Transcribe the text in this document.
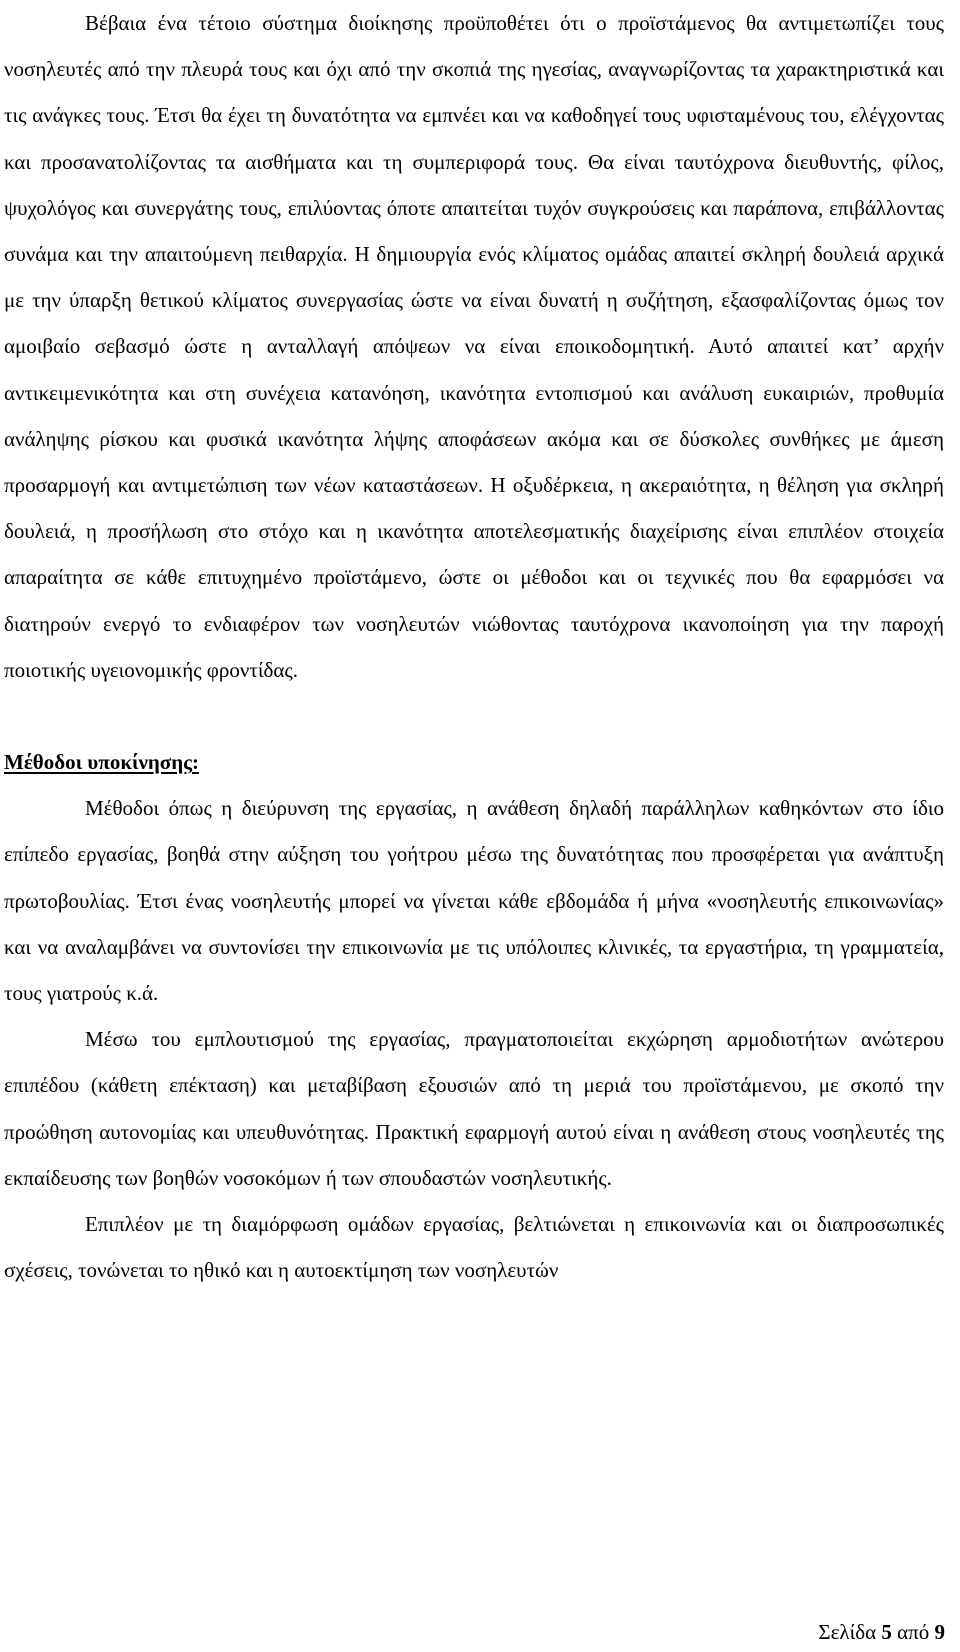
Βέβαια ένα τέτοιο σύστημα διοίκησης προϋποθέτει ότι ο προϊστάμενος θα αντιμετωπίζει τους νοσηλευτές από την πλευρά τους και όχι από την σκοπιά της ηγεσίας, αναγνωρίζοντας τα χαρακτηριστικά και τις ανάγκες τους. Έτσι θα έχει τη δυνατότητα να εμπνέει και να καθοδηγεί τους υφισταμένους του, ελέγχοντας και προσανατολίζοντας τα αισθήματα και τη συμπεριφορά τους. Θα είναι ταυτόχρονα διευθυντής, φίλος, ψυχολόγος και συνεργάτης τους, επιλύοντας όποτε απαιτείται τυχόν συγκρούσεις και παράπονα, επιβάλλοντας συνάμα και την απαιτούμενη πειθαρχία. Η δημιουργία ενός κλίματος ομάδας απαιτεί σκληρή δουλειά αρχικά με την ύπαρξη θετικού κλίματος συνεργασίας ώστε να είναι δυνατή η συζήτηση, εξασφαλίζοντας όμως τον αμοιβαίο σεβασμό ώστε η ανταλλαγή απόψεων να είναι εποικοδομητική. Αυτό απαιτεί κατ’ αρχήν αντικειμενικότητα και στη συνέχεια κατανόηση, ικανότητα εντοπισμού και ανάλυση ευκαιριών, προθυμία ανάληψης ρίσκου και φυσικά ικανότητα λήψης αποφάσεων ακόμα και σε δύσκολες συνθήκες με άμεση προσαρμογή και αντιμετώπιση των νέων καταστάσεων. Η οξυδέρκεια, η ακεραιότητα, η θέληση για σκληρή δουλειά, η προσήλωση στο στόχο και η ικανότητα αποτελεσματικής διαχείρισης είναι επιπλέον στοιχεία απαραίτητα σε κάθε επιτυχημένο προϊστάμενο, ώστε οι μέθοδοι και οι τεχνικές που θα εφαρμόσει να διατηρούν ενεργό το ενδιαφέρον των νοσηλευτών νιώθοντας ταυτόχρονα ικανοποίηση για την παροχή ποιοτικής υγειονομικής φροντίδας.

Μέθοδοι υποκίνησης:

Μέθοδοι όπως η διεύρυνση της εργασίας, η ανάθεση δηλαδή παράλληλων καθηκόντων στο ίδιο επίπεδο εργασίας, βοηθά στην αύξηση του γοήτρου μέσω της δυνατότητας που προσφέρεται για ανάπτυξη πρωτοβουλίας. Έτσι ένας νοσηλευτής μπορεί να γίνεται κάθε εβδομάδα ή μήνα «νοσηλευτής επικοινωνίας» και να αναλαμβάνει να συντονίσει την επικοινωνία με τις υπόλοιπες κλινικές, τα εργαστήρια, τη γραμματεία, τους γιατρούς κ.ά.

Μέσω του εμπλουτισμού της εργασίας, πραγματοποιείται εκχώρηση αρμοδιοτήτων ανώτερου επιπέδου (κάθετη επέκταση) και μεταβίβαση εξουσιών από τη μεριά του προϊστάμενου, με σκοπό την προώθηση αυτονομίας και υπευθυνότητας. Πρακτική εφαρμογή αυτού είναι η ανάθεση στους νοσηλευτές της εκπαίδευσης των βοηθών νοσοκόμων ή των σπουδαστών νοσηλευτικής.

Επιπλέον με τη διαμόρφωση ομάδων εργασίας, βελτιώνεται η επικοινωνία και οι διαπροσωπικές σχέσεις, τονώνεται το ηθικό και η αυτοεκτίμηση των νοσηλευτών

Σελίδα 5 από 9
